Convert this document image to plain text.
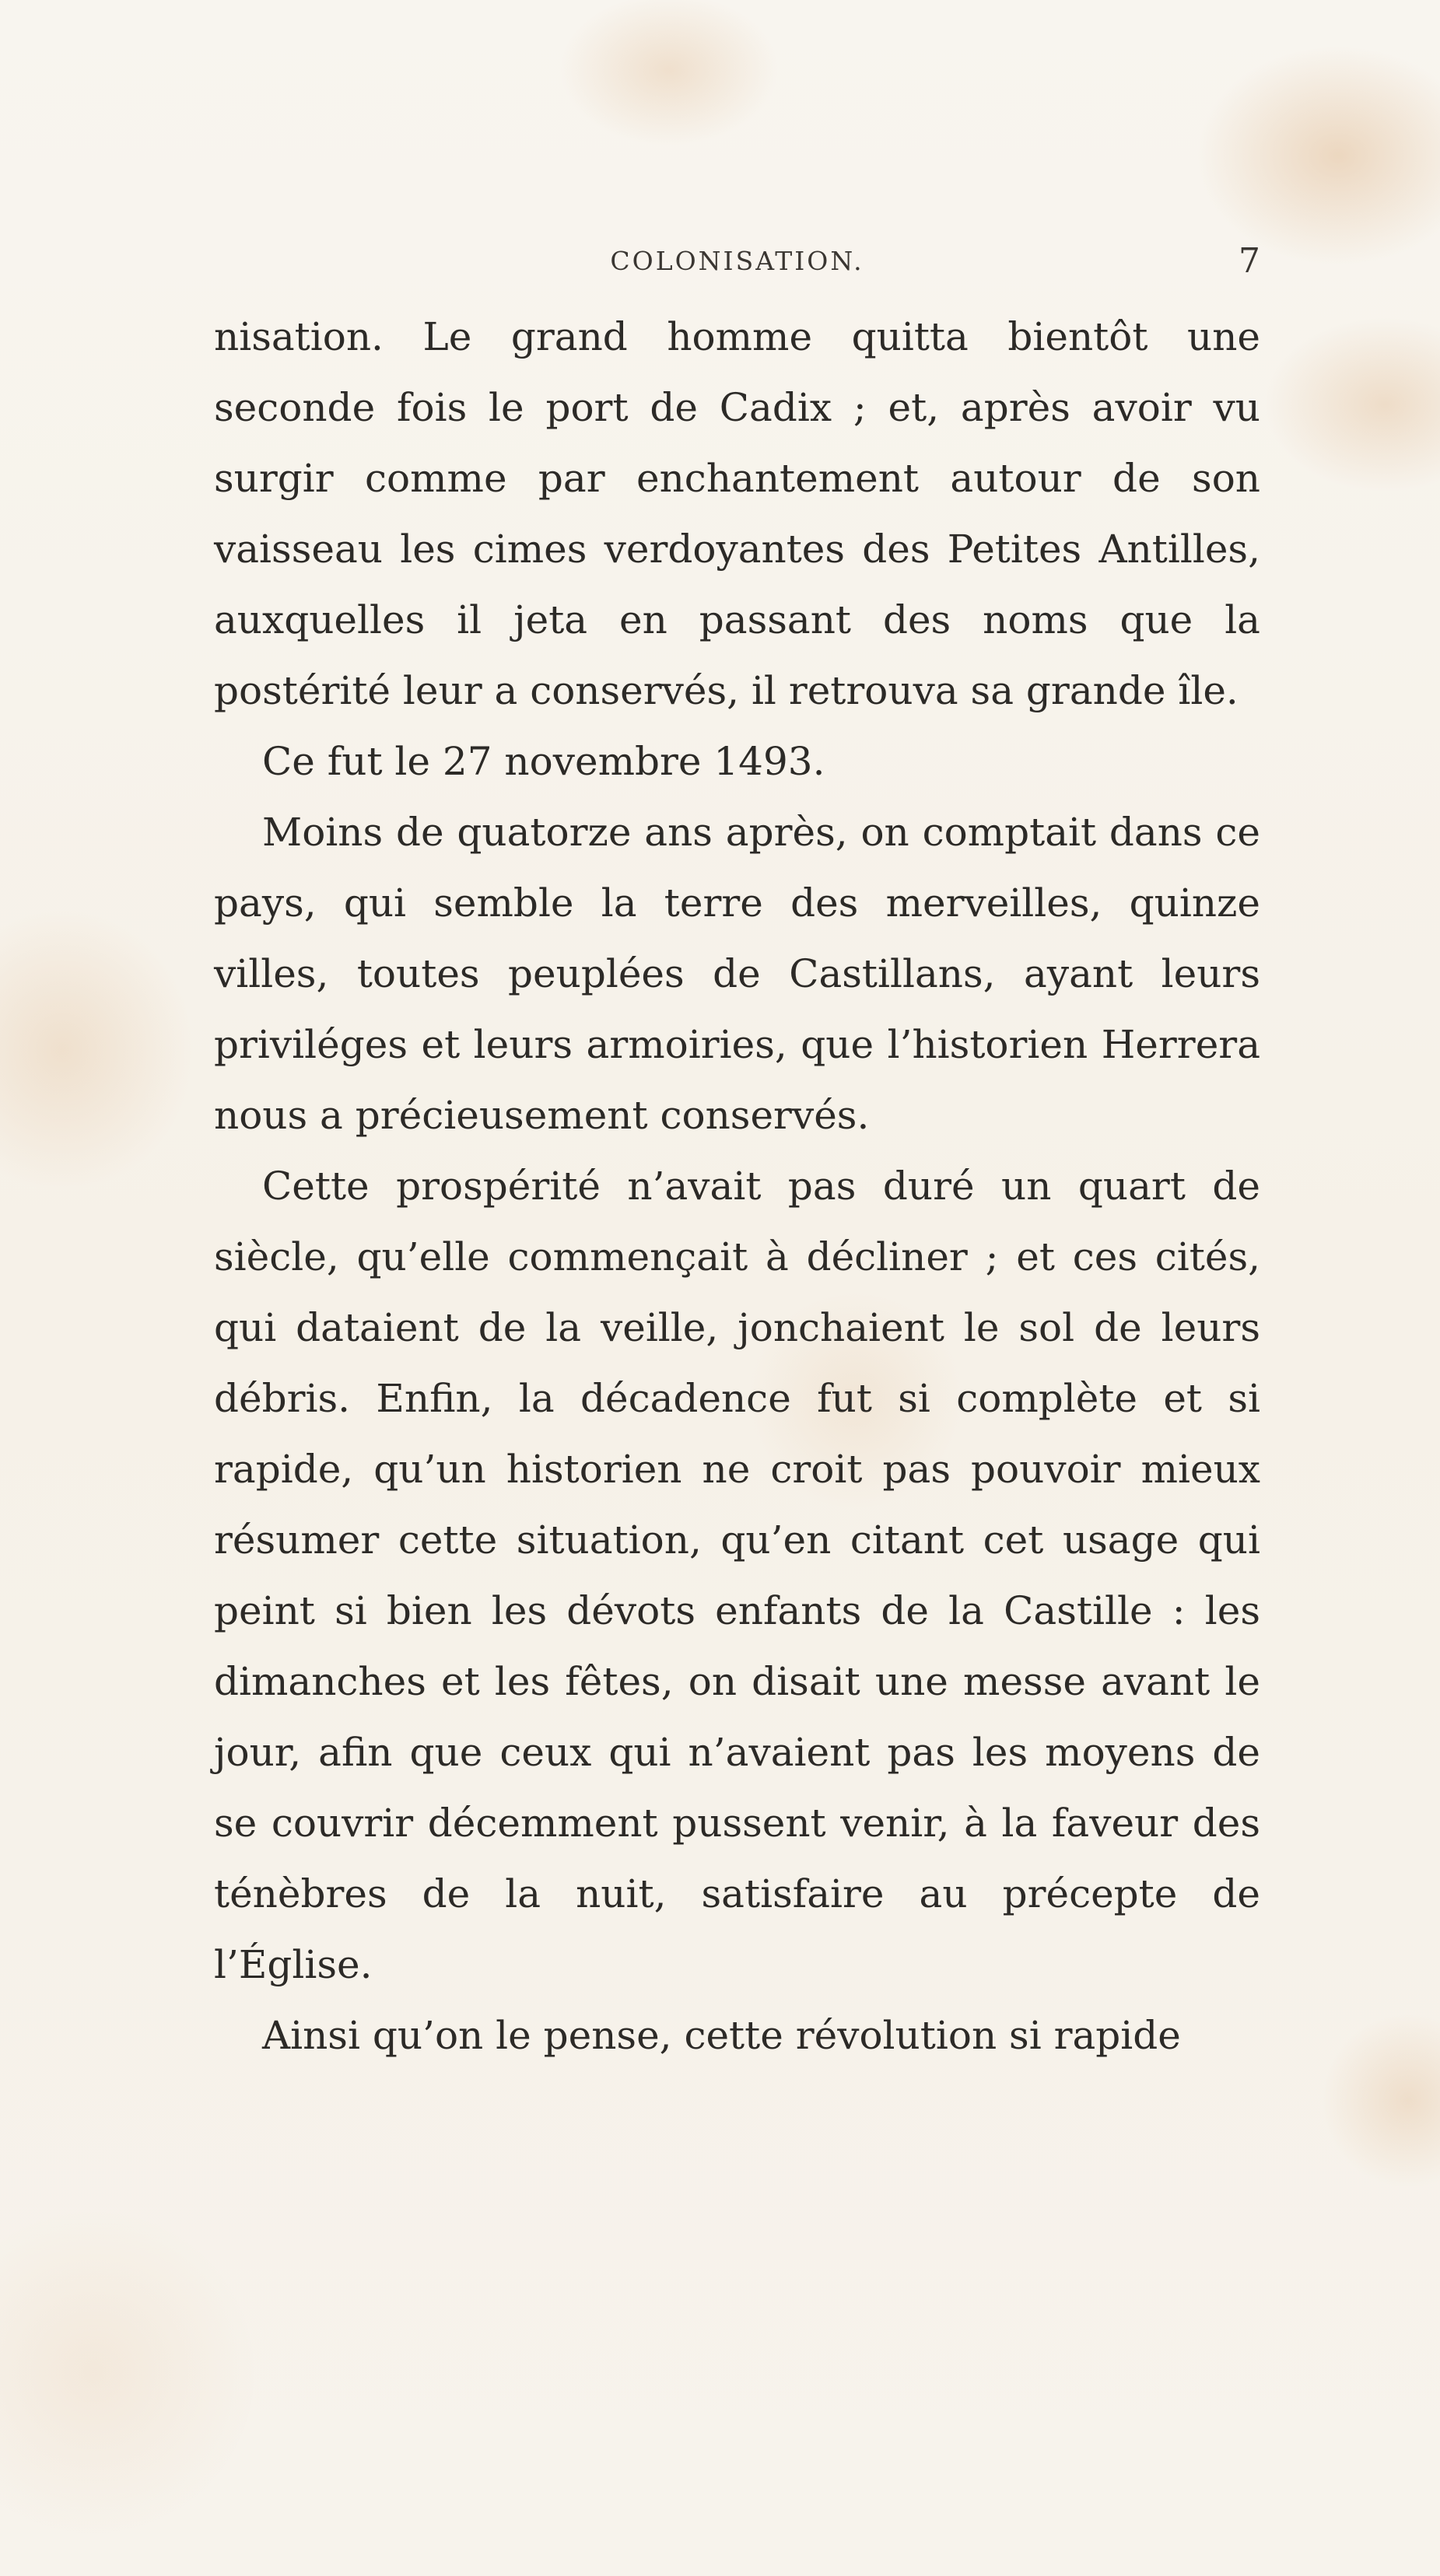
COLONISATION.	7

nisation. Le grand homme quitta bientôt une seconde fois le port de Cadix ; et, après avoir vu surgir comme par enchantement autour de son vaisseau les cimes verdoyantes des Petites Antilles, auxquelles il jeta en passant des noms que la postérité leur a conservés, il retrouva sa grande île.

Ce fut le 27 novembre 1493.

Moins de quatorze ans après, on comptait dans ce pays, qui semble la terre des merveilles, quinze villes, toutes peuplées de Castillans, ayant leurs priviléges et leurs armoiries, que l’historien Herrera nous a précieusement conservés.

Cette prospérité n’avait pas duré un quart de siècle, qu’elle commençait à décliner ; et ces cités, qui dataient de la veille, jonchaient le sol de leurs débris. Enfin, la décadence fut si complète et si rapide, qu’un historien ne croit pas pouvoir mieux résumer cette situation, qu’en citant cet usage qui peint si bien les dévots enfants de la Castille : les dimanches et les fêtes, on disait une messe avant le jour, afin que ceux qui n’avaient pas les moyens de se couvrir décemment pussent venir, à la faveur des ténèbres de la nuit, satisfaire au précepte de l’Église.

Ainsi qu’on le pense, cette révolution si rapide
